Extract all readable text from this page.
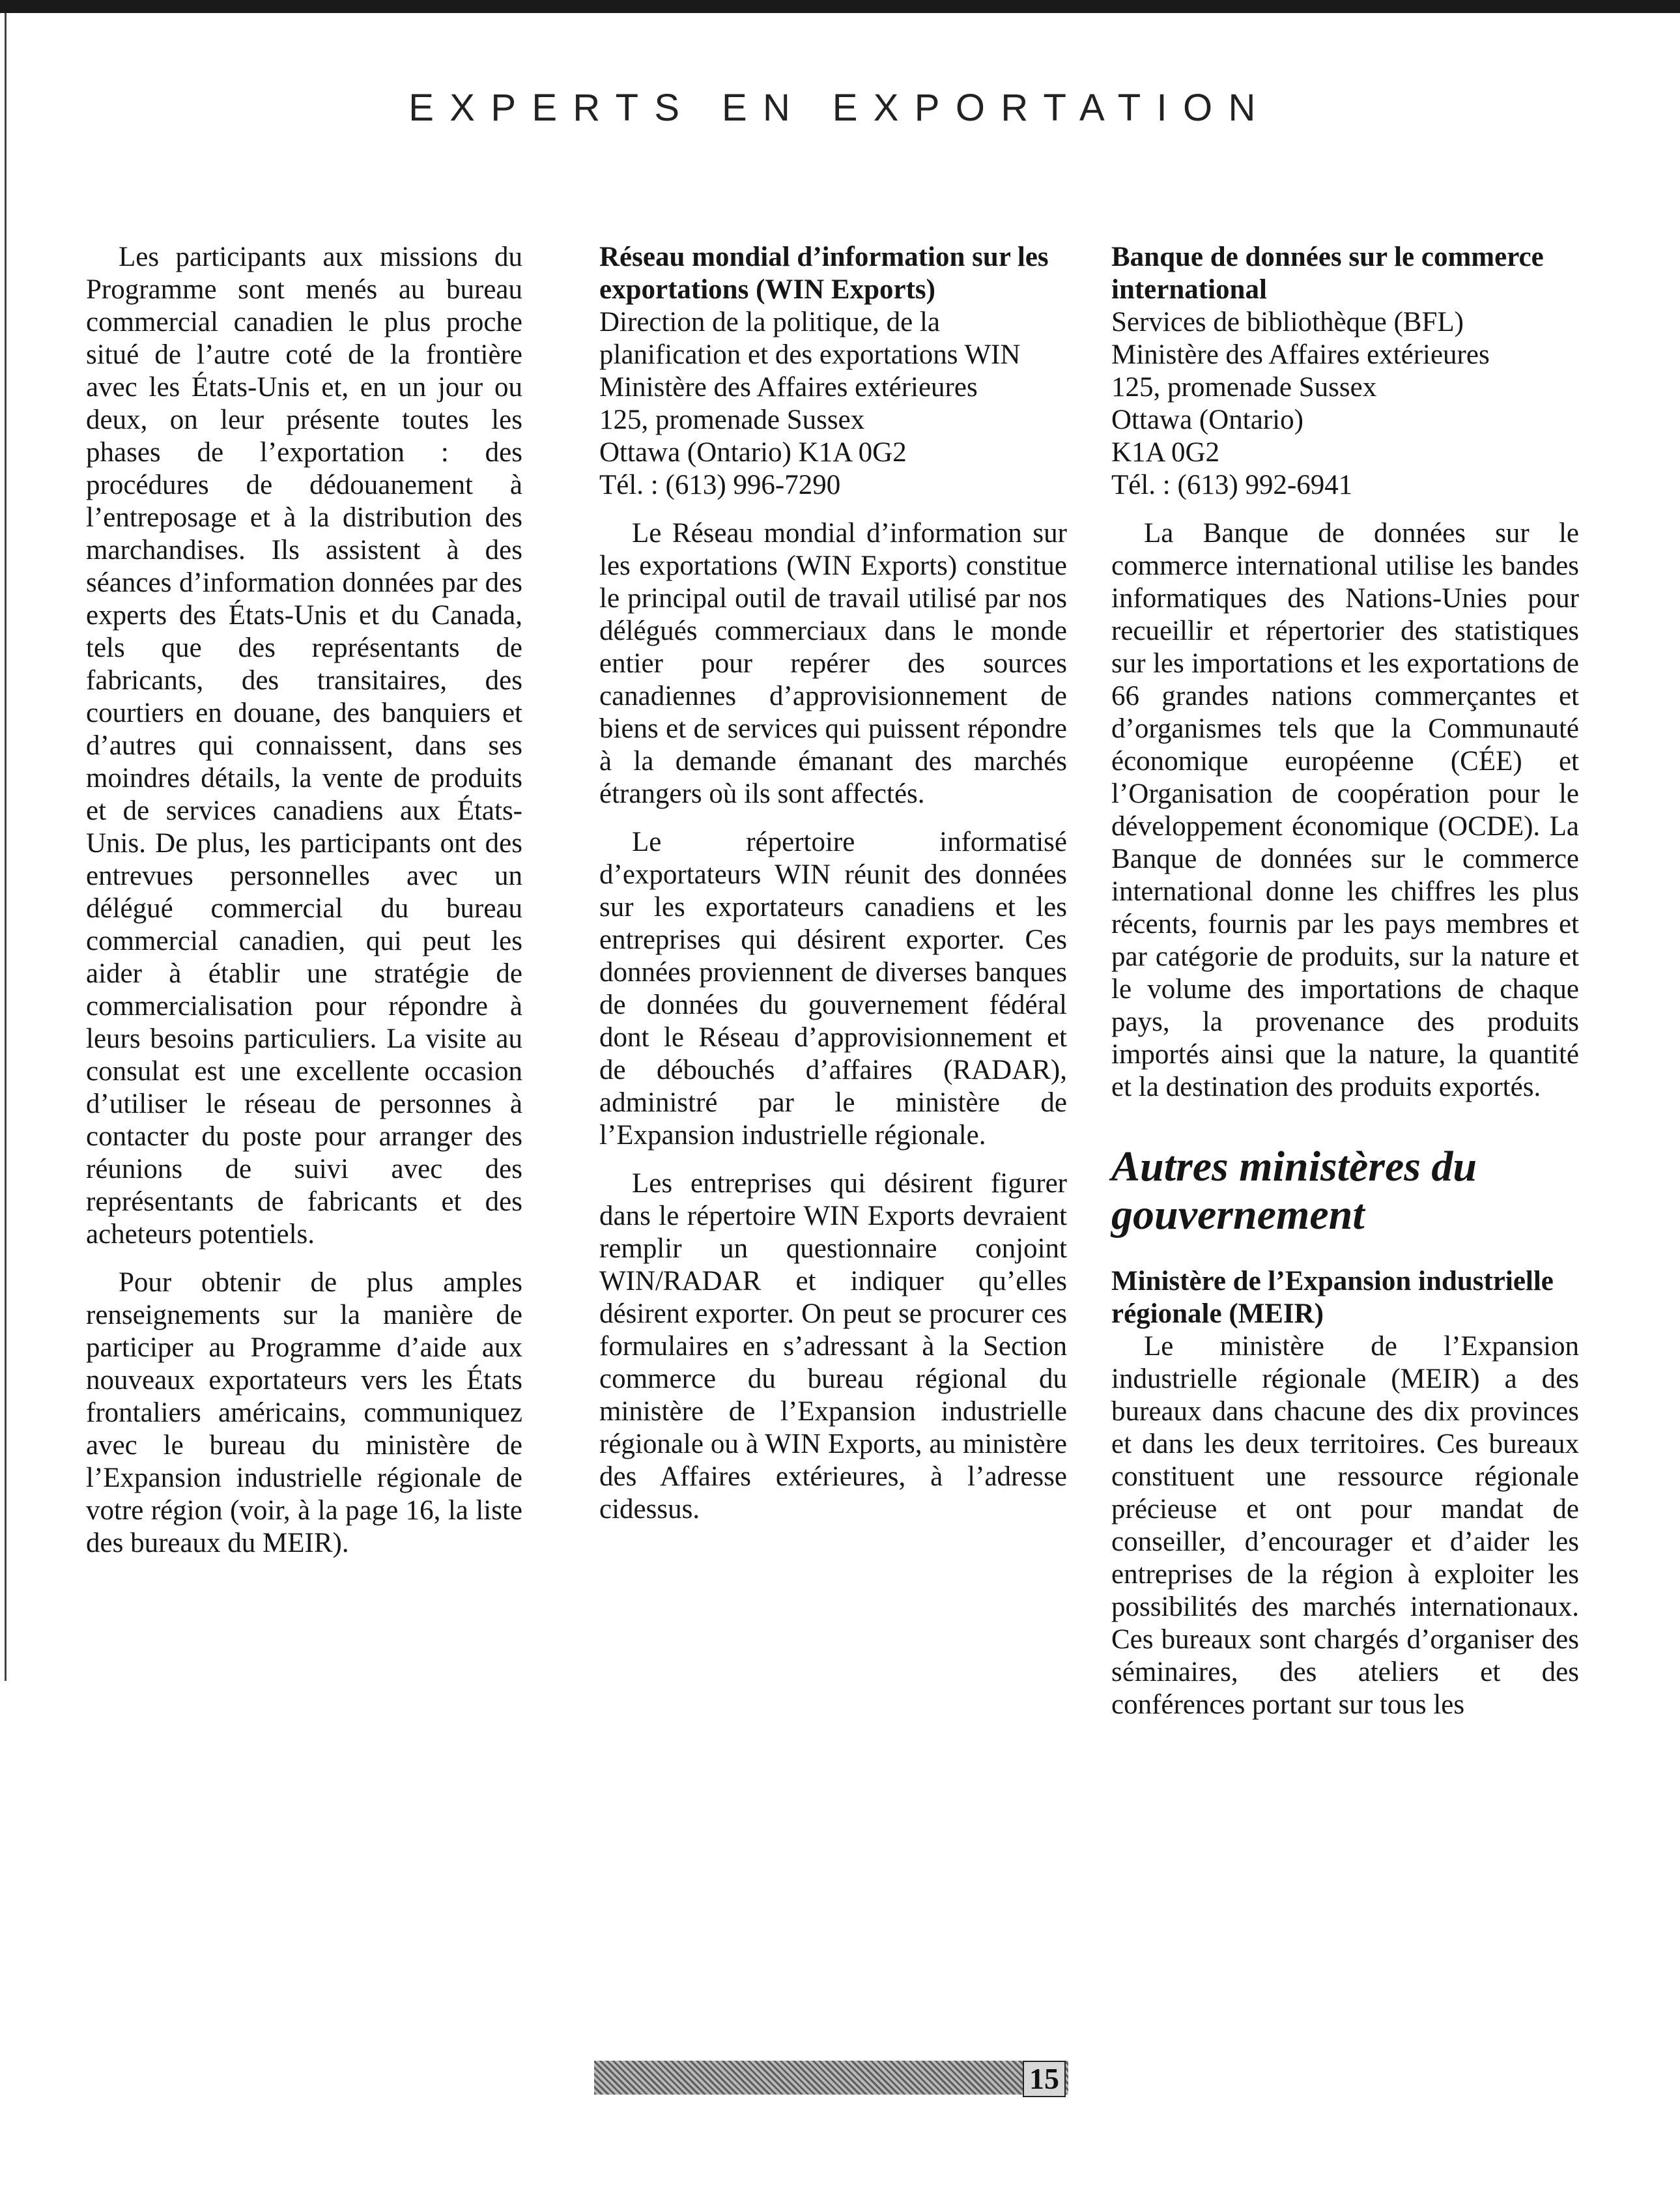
EXPERTS EN EXPORTATION

Les participants aux missions du Programme sont menés au bureau commercial canadien le plus proche situé de l’autre coté de la frontière avec les États-Unis et, en un jour ou deux, on leur présente toutes les phases de l’exportation : des procédures de dédouanement à l’entreposage et à la distribution des marchandises. Ils assistent à des séances d’information données par des experts des États-Unis et du Canada, tels que des représentants de fabricants, des transitaires, des courtiers en douane, des banquiers et d’autres qui connaissent, dans ses moindres détails, la vente de produits et de services canadiens aux États-Unis. De plus, les participants ont des entrevues personnelles avec un délégué commercial du bureau commercial canadien, qui peut les aider à établir une stratégie de commercialisation pour répondre à leurs besoins particuliers. La visite au consulat est une excellente occasion d’utiliser le réseau de personnes à contacter du poste pour arranger des réunions de suivi avec des représentants de fabricants et des acheteurs potentiels.

Pour obtenir de plus amples renseignements sur la manière de participer au Programme d’aide aux nouveaux exportateurs vers les États frontaliers américains, communiquez avec le bureau du ministère de l’Expansion industrielle régionale de votre région (voir, à la page 16, la liste des bureaux du MEIR).

Réseau mondial d’information sur les exportations (WIN Exports)
Direction de la politique, de la planification et des exportations WIN
Ministère des Affaires extérieures
125, promenade Sussex
Ottawa (Ontario) K1A 0G2
Tél. : (613) 996-7290

Le Réseau mondial d’information sur les exportations (WIN Exports) constitue le principal outil de travail utilisé par nos délégués commerciaux dans le monde entier pour repérer des sources canadiennes d’approvisionnement de biens et de services qui puissent répondre à la demande émanant des marchés étrangers où ils sont affectés.

Le répertoire informatisé d’exportateurs WIN réunit des données sur les exportateurs canadiens et les entreprises qui désirent exporter. Ces données proviennent de diverses banques de données du gouvernement fédéral dont le Réseau d’approvisionnement et de débouchés d’affaires (RADAR), administré par le ministère de l’Expansion industrielle régionale.

Les entreprises qui désirent figurer dans le répertoire WIN Exports devraient remplir un questionnaire conjoint WIN/RADAR et indiquer qu’elles désirent exporter. On peut se procurer ces formulaires en s’adressant à la Section commerce du bureau régional du ministère de l’Expansion industrielle régionale ou à WIN Exports, au ministère des Affaires extérieures, à l’adresse cidessus.

Banque de données sur le commerce international
Services de bibliothèque (BFL)
Ministère des Affaires extérieures
125, promenade Sussex
Ottawa (Ontario)
K1A 0G2
Tél. : (613) 992-6941

La Banque de données sur le commerce international utilise les bandes informatiques des Nations-Unies pour recueillir et répertorier des statistiques sur les importations et les exportations de 66 grandes nations commerçantes et d’organismes tels que la Communauté économique européenne (CÉE) et l’Organisation de coopération pour le développement économique (OCDE). La Banque de données sur le commerce international donne les chiffres les plus récents, fournis par les pays membres et par catégorie de produits, sur la nature et le volume des importations de chaque pays, la provenance des produits importés ainsi que la nature, la quantité et la destination des produits exportés.

Autres ministères du gouvernement
Ministère de l’Expansion industrielle régionale (MEIR)

Le ministère de l’Expansion industrielle régionale (MEIR) a des bureaux dans chacune des dix provinces et dans les deux territoires. Ces bureaux constituent une ressource régionale précieuse et ont pour mandat de conseiller, d’encourager et d’aider les entreprises de la région à exploiter les possibilités des marchés internationaux. Ces bureaux sont chargés d’organiser des séminaires, des ateliers et des conférences portant sur tous les

15
